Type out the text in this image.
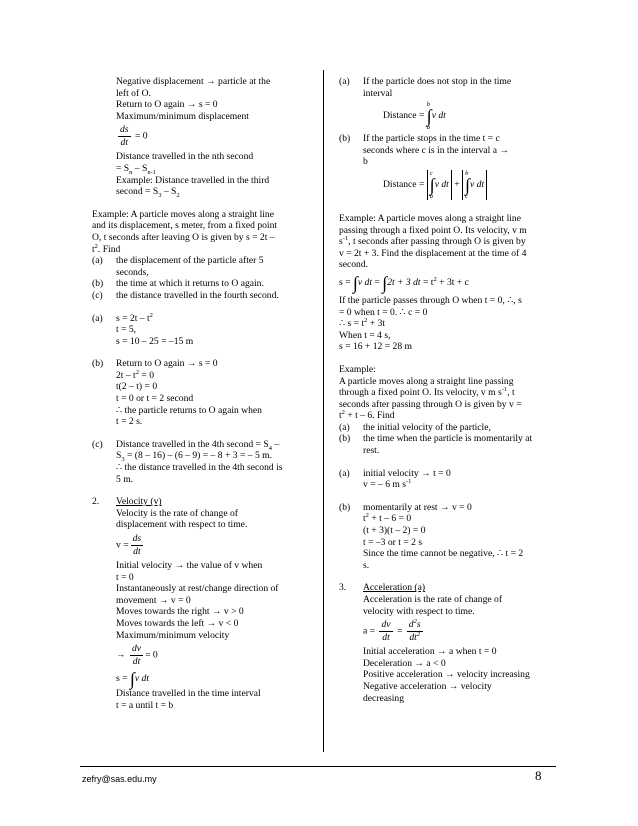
Negative displacement → particle at the
left of O.
Return to O again → s = 0
Maximum/minimum displacement
$\frac{ds}{dt} = 0$
Distance travelled in the nth second
= $S_n - S_{n-1}$
Example: Distance travelled in the third
second = $S_3 - S_2$
Example: A particle moves along a straight line
and its displacement, s meter, from a fixed point
O, t seconds after leaving O is given by s = 2t –
$t^2$. Find
(a)	the displacement of the particle after 5
seconds,
(b)	the time at which it returns to O again.
(c)	the distance travelled in the fourth second.
(a)	$s = 2t - t^2$
t = 5,
s = 10 – 25 = –15 m
(b)	Return to O again → s = 0
$2t - t^2 = 0$
t(2 – t) = 0
t = 0 or t = 2 second
∴ the particle returns to O again when
t = 2 s.
(c)	Distance travelled in the 4th second = $S_4$ –
$S_3 = (8 - 16) - (6 - 9)$ = – 8 + 3 = – 5 m.
∴ the distance travelled in the 4th second is
5 m.
2.	Velocity (v)
Velocity is the rate of change of
displacement with respect to time.
$v = \frac{ds}{dt}$
Initial velocity → the value of v when
t = 0
Instantaneously at rest/change direction of
movement → v = 0
Moves towards the right → v > 0
Moves towards the left → v < 0
Maximum/minimum velocity
→ $\frac{dv}{dt} = 0$
s = ∫v dt
Distance travelled in the time interval
t = a until t = b
(a)	If the particle does not stop in the time
interval
Distance =
b
∫
a
v dt
(b)	If the particle stops in the time t = c
seconds where c is in the interval a →
b
Distance =
c
∫
a
v dt +
b
∫
c
v dt
Example: A particle moves along a straight line
passing through a fixed point O. Its velocity, v m
$s^{-1}$, t seconds after passing through O is given by
v = 2t + 3. Find the displacement at the time of 4
second.
s = ∫v dt = ∫2t + 3 dt = $t^2 + 3t + c$
If the particle passes through O when t = 0, ∴, s
= 0 when t = 0. ∴ c = 0
∴ $s = t^2 + 3t$
When t = 4 s,
s = 16 + 12 = 28 m
Example:
A particle moves along a straight line passing
through a fixed point O. Its velocity, v m $s^{-1}$, t
seconds after passing through O is given by v =
$t^2 + t - 6$. Find
(a)	the initial velocity of the particle,
(b)	the time when the particle is momentarily at
rest.
(a)	initial velocity → t = 0
v = – 6 m $s^{-1}$
(b)	momentarily at rest → v = 0
$t^2 + t - 6 = 0$
(t + 3)(t – 2) = 0
t = –3 or t = 2 s
Since the time cannot be negative, ∴ t = 2
s.
3.	Acceleration (a)
Acceleration is the rate of change of
velocity with respect to time.
$a = \frac{dv}{dt} = \frac{d^2s}{dt^2}$
Initial acceleration → a when t = 0
Deceleration → a < 0
Positive acceleration → velocity increasing
Negative acceleration → velocity
decreasing
zefry@sas.edu.my	8
